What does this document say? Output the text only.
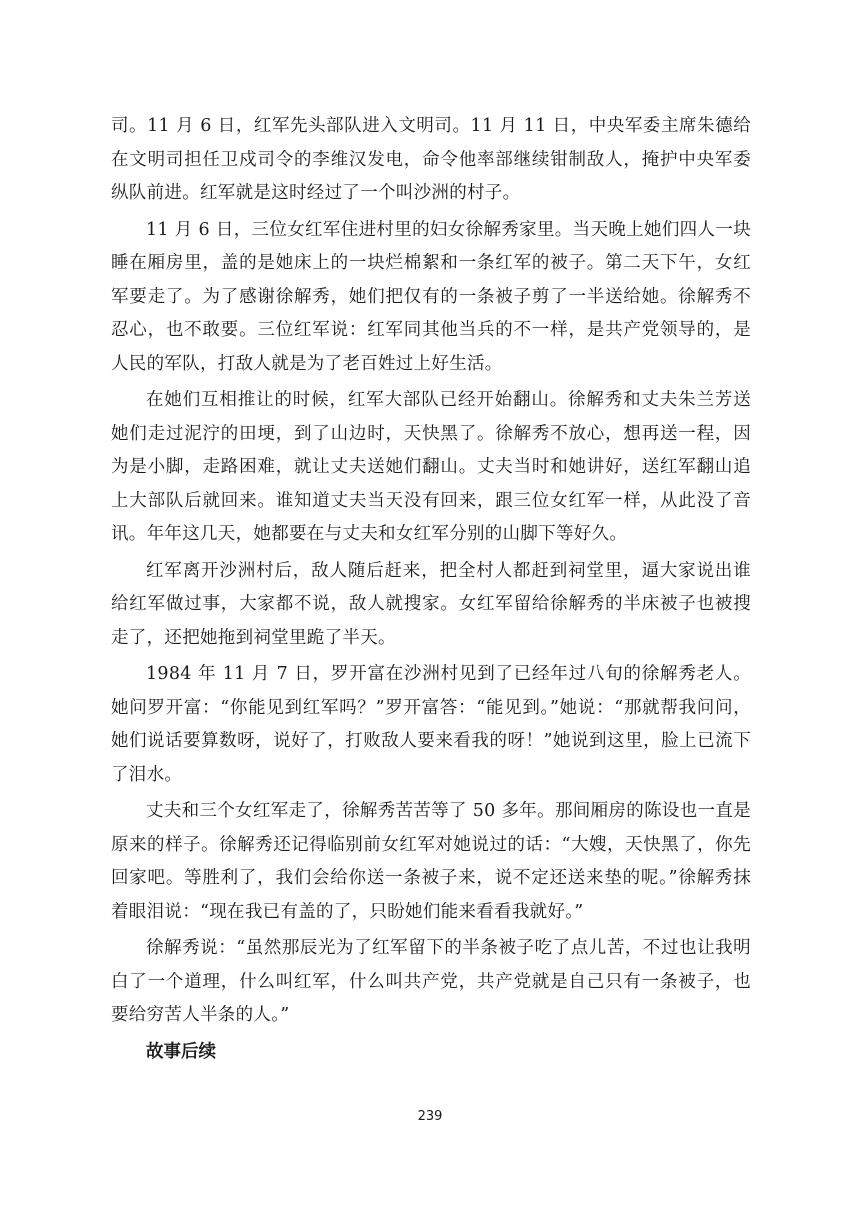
司。11 月 6 日，红军先头部队进入文明司。11 月 11 日，中央军委主席朱德给在文明司担任卫戍司令的李维汉发电，命令他率部继续钳制敌人，掩护中央军委纵队前进。红军就是这时经过了一个叫沙洲的村子。

11 月 6 日，三位女红军住进村里的妇女徐解秀家里。当天晚上她们四人一块睡在厢房里，盖的是她床上的一块烂棉絮和一条红军的被子。第二天下午，女红军要走了。为了感谢徐解秀，她们把仅有的一条被子剪了一半送给她。徐解秀不忍心，也不敢要。三位红军说：红军同其他当兵的不一样，是共产党领导的，是人民的军队，打敌人就是为了老百姓过上好生活。

在她们互相推让的时候，红军大部队已经开始翻山。徐解秀和丈夫朱兰芳送她们走过泥泞的田埂，到了山边时，天快黑了。徐解秀不放心，想再送一程，因为是小脚，走路困难，就让丈夫送她们翻山。丈夫当时和她讲好，送红军翻山追上大部队后就回来。谁知道丈夫当天没有回来，跟三位女红军一样，从此没了音讯。年年这几天，她都要在与丈夫和女红军分别的山脚下等好久。

红军离开沙洲村后，敌人随后赶来，把全村人都赶到祠堂里，逼大家说出谁给红军做过事，大家都不说，敌人就搜家。女红军留给徐解秀的半床被子也被搜走了，还把她拖到祠堂里跪了半天。

1984 年 11 月 7 日，罗开富在沙洲村见到了已经年过八旬的徐解秀老人。她问罗开富：“你能见到红军吗？”罗开富答：“能见到。”她说：“那就帮我问问，她们说话要算数呀，说好了，打败敌人要来看我的呀！”她说到这里，脸上已流下了泪水。

丈夫和三个女红军走了，徐解秀苦苦等了 50 多年。那间厢房的陈设也一直是原来的样子。徐解秀还记得临别前女红军对她说过的话：“大嫂，天快黑了，你先回家吧。等胜利了，我们会给你送一条被子来，说不定还送来垫的呢。”徐解秀抹着眼泪说：“现在我已有盖的了，只盼她们能来看看我就好。”

徐解秀说：“虽然那辰光为了红军留下的半条被子吃了点儿苦，不过也让我明白了一个道理，什么叫红军，什么叫共产党，共产党就是自己只有一条被子，也要给穷苦人半条的人。”

故事后续

239
